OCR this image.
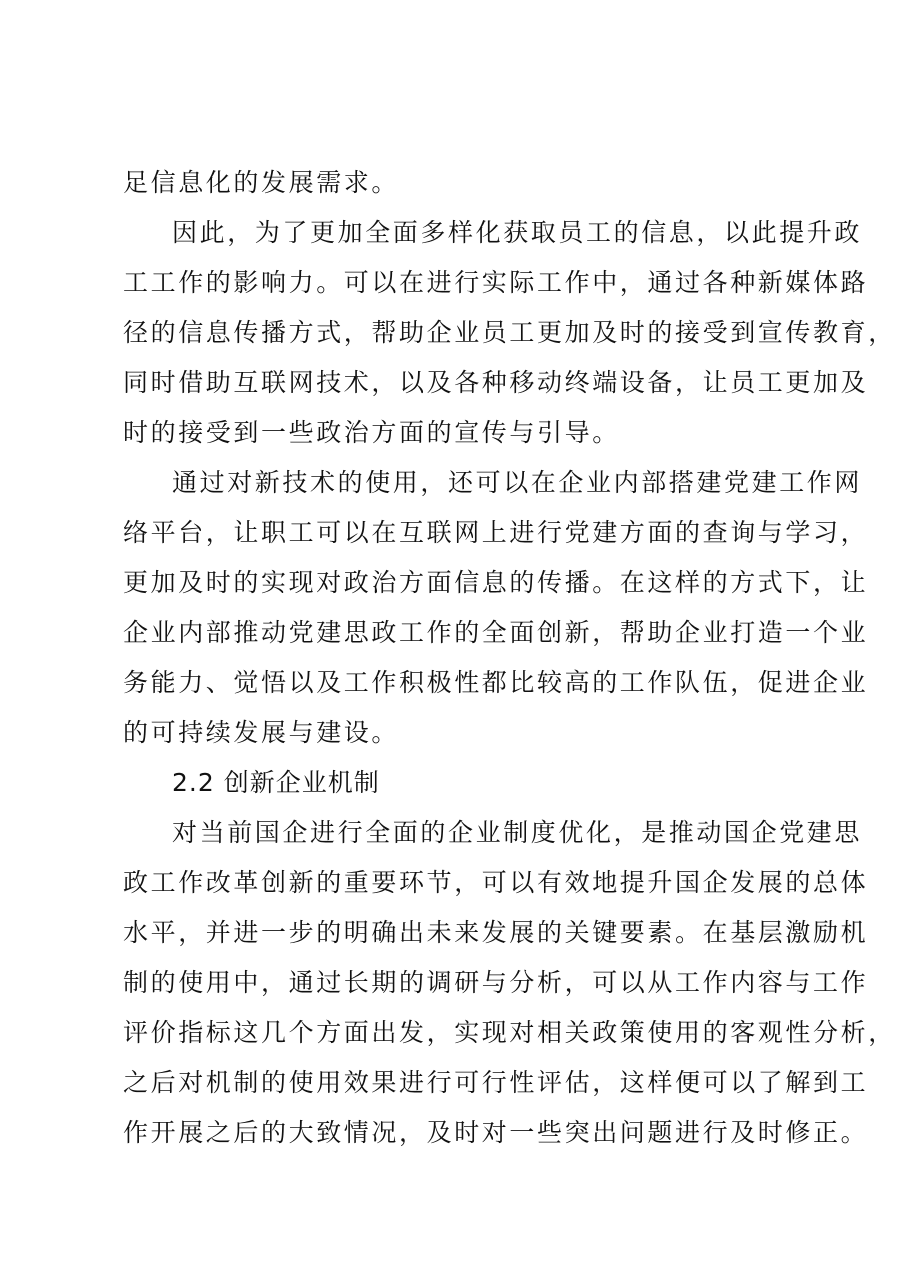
足信息化的发展需求。
因此，为了更加全面多样化获取员工的信息，以此提升政
工工作的影响力。可以在进行实际工作中，通过各种新媒体路
径的信息传播方式，帮助企业员工更加及时的接受到宣传教育，
同时借助互联网技术，以及各种移动终端设备，让员工更加及
时的接受到一些政治方面的宣传与引导。
通过对新技术的使用，还可以在企业内部搭建党建工作网
络平台，让职工可以在互联网上进行党建方面的查询与学习，
更加及时的实现对政治方面信息的传播。在这样的方式下，让
企业内部推动党建思政工作的全面创新，帮助企业打造一个业
务能力、觉悟以及工作积极性都比较高的工作队伍，促进企业
的可持续发展与建设。
2.2 创新企业机制
对当前国企进行全面的企业制度优化，是推动国企党建思
政工作改革创新的重要环节，可以有效地提升国企发展的总体
水平，并进一步的明确出未来发展的关键要素。在基层激励机
制的使用中，通过长期的调研与分析，可以从工作内容与工作
评价指标这几个方面出发，实现对相关政策使用的客观性分析，
之后对机制的使用效果进行可行性评估，这样便可以了解到工
作开展之后的大致情况，及时对一些突出问题进行及时修正。
